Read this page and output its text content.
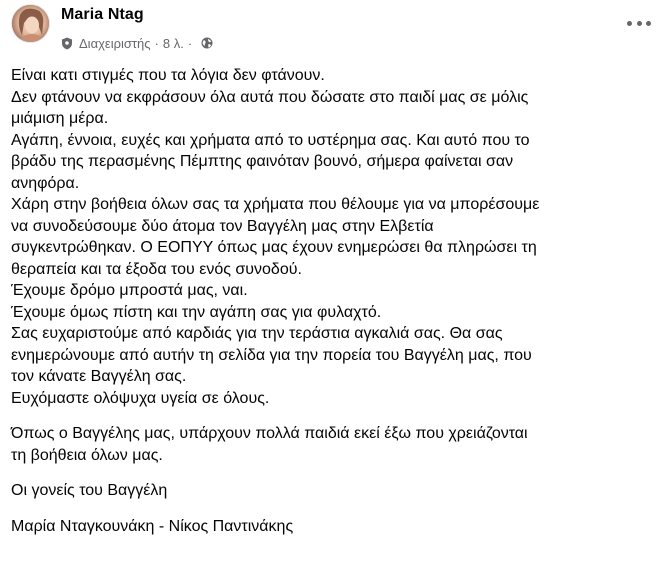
Maria Ntag
Διαχειριστής · 8 λ. ·
Είναι κατι στιγμές που τα λόγια δεν φτάνουν.
Δεν φτάνουν να εκφράσουν όλα αυτά που δώσατε στο παιδί μας σε μόλις
μιάμιση μέρα.
Αγάπη, έννοια, ευχές και χρήματα από το υστέρημα σας. Και αυτό που το
βράδυ της περασμένης Πέμπτης φαινόταν βουνό, σήμερα φαίνεται σαν
ανηφόρα.
Χάρη στην βοήθεια όλων σας τα χρήματα που θέλουμε για να μπορέσουμε
να συνοδεύσουμε δύο άτομα τον Βαγγέλη μας στην Ελβετία
συγκεντρώθηκαν. Ο ΕΟΠΥΥ όπως μας έχουν ενημερώσει θα πληρώσει τη
θεραπεία και τα έξοδα του ενός συνοδού.
Έχουμε δρόμο μπροστά μας, ναι.
Έχουμε όμως πίστη και την αγάπη σας για φυλαχτό.
Σας ευχαριστούμε από καρδιάς για την τεράστια αγκαλιά σας. Θα σας
ενημερώνουμε από αυτήν τη σελίδα για την πορεία του Βαγγέλη μας, που
τον κάνατε Βαγγέλη σας.
Ευχόμαστε ολόψυχα υγεία σε όλους.
Όπως ο Βαγγέλης μας, υπάρχουν πολλά παιδιά εκεί έξω που χρειάζονται
τη βοήθεια όλων μας.
Οι γονείς του Βαγγέλη
Μαρία Νταγκουνάκη - Νίκος Παντινάκης
